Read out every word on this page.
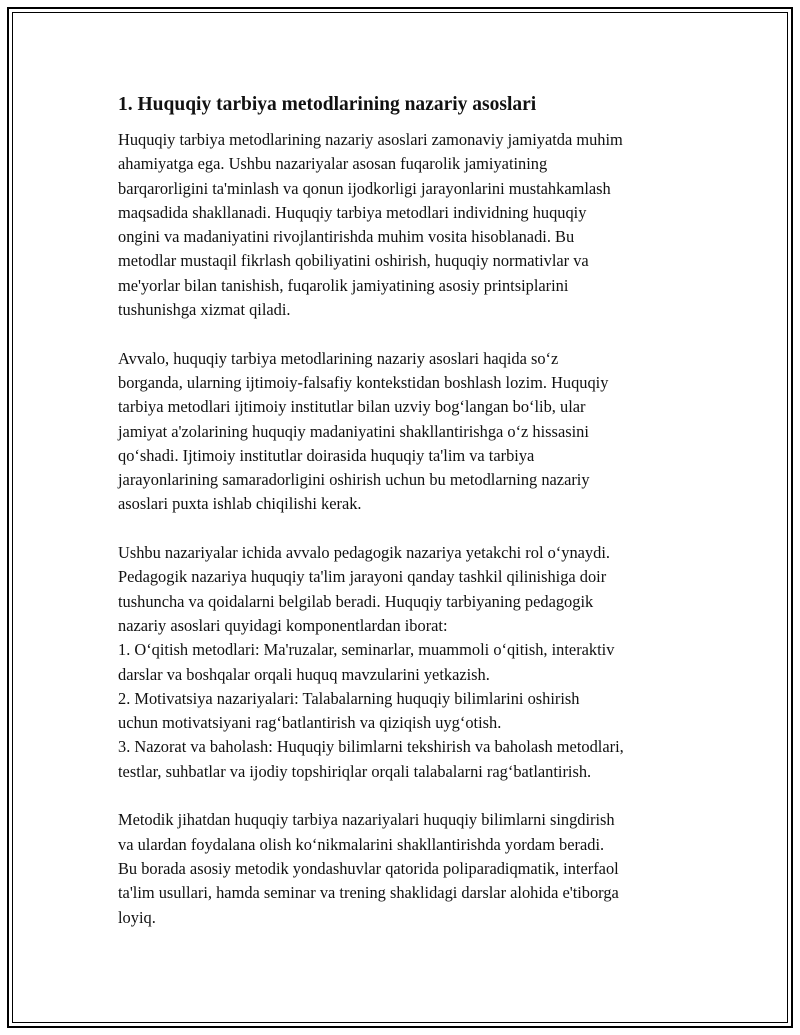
1. Huquqiy tarbiya metodlarining nazariy asoslari

Huquqiy tarbiya metodlarining nazariy asoslari zamonaviy jamiyatda muhim
ahamiyatga ega. Ushbu nazariyalar asosan fuqarolik jamiyatining
barqarorligini ta'minlash va qonun ijodkorligi jarayonlarini mustahkamlash
maqsadida shakllanadi. Huquqiy tarbiya metodlari individning huquqiy
ongini va madaniyatini rivojlantirishda muhim vosita hisoblanadi. Bu
metodlar mustaqil fikrlash qobiliyatini oshirish, huquqiy normativlar va
me'yorlar bilan tanishish, fuqarolik jamiyatining asosiy printsiplarini
tushunishga xizmat qiladi.

Avvalo, huquqiy tarbiya metodlarining nazariy asoslari haqida so‘z
borganda, ularning ijtimoiy-falsafiy kontekstidan boshlash lozim. Huquqiy
tarbiya metodlari ijtimoiy institutlar bilan uzviy bog‘langan bo‘lib, ular
jamiyat a'zolarining huquqiy madaniyatini shakllantirishga o‘z hissasini
qo‘shadi. Ijtimoiy institutlar doirasida huquqiy ta'lim va tarbiya
jarayonlarining samaradorligini oshirish uchun bu metodlarning nazariy
asoslari puxta ishlab chiqilishi kerak.

Ushbu nazariyalar ichida avvalo pedagogik nazariya yetakchi rol o‘ynaydi.
Pedagogik nazariya huquqiy ta'lim jarayoni qanday tashkil qilinishiga doir
tushuncha va qoidalarni belgilab beradi. Huquqiy tarbiyaning pedagogik
nazariy asoslari quyidagi komponentlardan iborat:
1. O‘qitish metodlari: Ma'ruzalar, seminarlar, muammoli o‘qitish, interaktiv
darslar va boshqalar orqali huquq mavzularini yetkazish.
2. Motivatsiya nazariyalari: Talabalarning huquqiy bilimlarini oshirish
uchun motivatsiyani rag‘batlantirish va qiziqish uyg‘otish.
3. Nazorat va baholash: Huquqiy bilimlarni tekshirish va baholash metodlari,
testlar, suhbatlar va ijodiy topshiriqlar orqali talabalarni rag‘batlantirish.

Metodik jihatdan huquqiy tarbiya nazariyalari huquqiy bilimlarni singdirish
va ulardan foydalana olish ko‘nikmalarini shakllantirishda yordam beradi.
Bu borada asosiy metodik yondashuvlar qatorida poliparadiqmatik, interfaol
ta'lim usullari, hamda seminar va trening shaklidagi darslar alohida e'tiborga
loyiq.
